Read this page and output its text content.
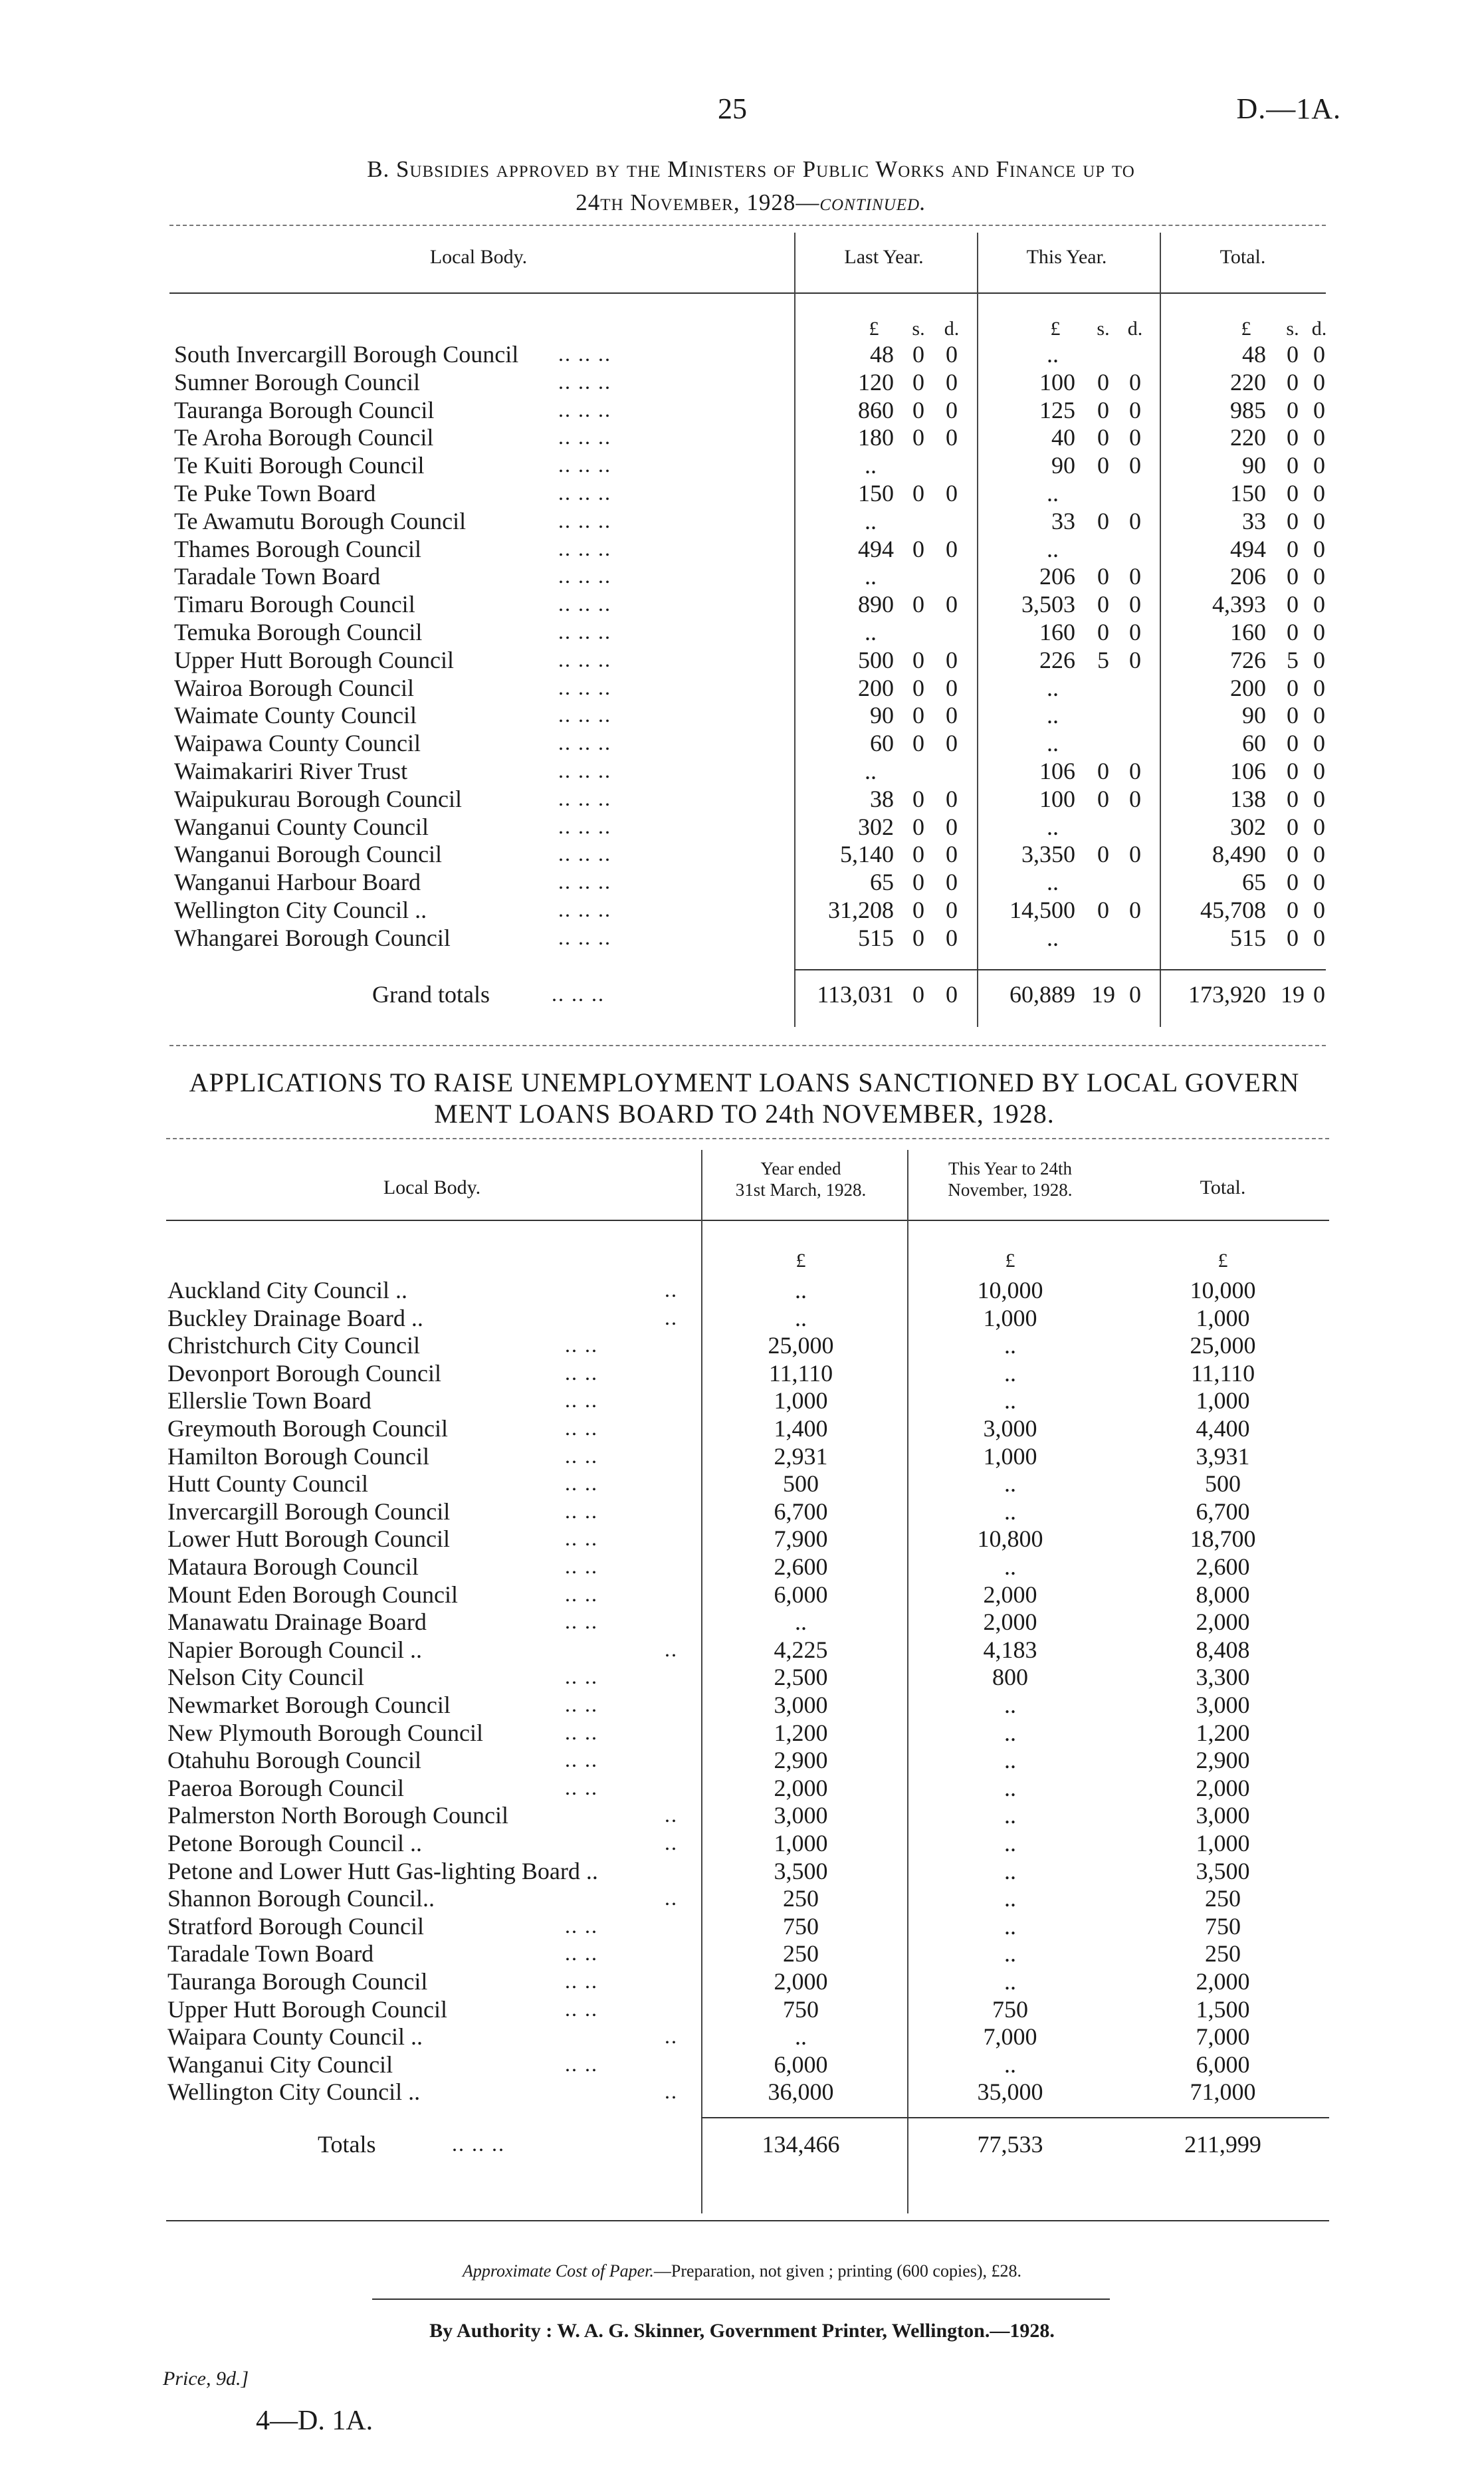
25	D.—1A.
B. Subsidies approved by the Ministers of Public Works and Finance up to
24th November, 1928—continued.
Local Body.	Last Year.	This Year.	Total.
£	s. d.	£	s. d.	£	s. d.
South Invercargill Borough Council .. .. ..	48 0 0	..	48 0 0
Sumner Borough Council	.. .. ..	120 0 0	100 0 0	220 0 0
Tauranga Borough Council	.. .. ..	860 0 0	125 0 0	985 0 0
Te Aroha Borough Council	.. .. ..	180 0 0	40 0 0	220 0 0
Te Kuiti Borough Council	.. .. ..	..	90 0 0	90 0 0
Te Puke Town Board	.. .. ..	150 0 0	..	150 0 0
Te Awamutu Borough Council	.. .. ..	..	33 0 0	33 0 0
Thames Borough Council	.. .. ..	494 0 0	..	494 0 0
Taradale Town Board	.. .. ..	..	206 0 0	206 0 0
Timaru Borough Council	.. .. ..	890 0 0	3,503 0 0	4,393 0 0
Temuka Borough Council	.. .. ..	..	160 0 0	160 0 0
Upper Hutt Borough Council	.. .. ..	500 0 0	226 5 0	726 5 0
Wairoa Borough Council	.. .. ..	200 0 0	..	200 0 0
Waimate County Council	.. .. ..	90 0 0	..	90 0 0
Waipawa County Council	.. .. ..	60 0 0	..	60 0 0
Waimakariri River Trust	.. .. ..	..	106 0 0	106 0 0
Waipukurau Borough Council	.. .. ..	38 0 0	100 0 0	138 0 0
Wanganui County Council	.. .. ..	302 0 0	..	302 0 0
Wanganui Borough Council	.. .. ..	5,140 0 0	3,350 0 0	8,490 0 0
Wanganui Harbour Board	.. .. ..	65 0 0	..	65 0 0
Wellington City Council ..	.. .. ..	31,208 0 0	14,500 0 0	45,708 0 0
Whangarei Borough Council	.. .. ..	515 0 0	..	515 0 0
Grand totals	.. .. ..	113,031 0 0	60,889 19 0	173,920 19 0
APPLICATIONS TO RAISE UNEMPLOYMENT LOANS SANCTIONED BY LOCAL GOVERN
MENT LOANS BOARD TO 24th NOVEMBER, 1928.
Local Body.
Year ended
31st March, 1928.
This Year to 24th
November, 1928.	Total.
£	£	£
Auckland City Council ..	..	..	10,000	10,000
Buckley Drainage Board ..	..	..	1,000	1,000
Christchurch City Council	.. ..	25,000	..	25,000
Devonport Borough Council	.. ..	11,110	..	11,110
Ellerslie Town Board	.. ..	1,000	..	1,000
Greymouth Borough Council	.. ..	1,400	3,000	4,400
Hamilton Borough Council	.. ..	2,931	1,000	3,931
Hutt County Council	.. ..	500	..	500
Invercargill Borough Council	.. ..	6,700	..	6,700
Lower Hutt Borough Council	.. ..	7,900	10,800	18,700
Mataura Borough Council	.. ..	2,600	..	2,600
Mount Eden Borough Council	.. ..	6,000	2,000	8,000
Manawatu Drainage Board	.. ..	..	2,000	2,000
Napier Borough Council ..	..	4,225	4,183	8,408
Nelson City Council	.. ..	2,500	800	3,300
Newmarket Borough Council	.. ..	3,000	..	3,000
New Plymouth Borough Council	.. ..	1,200	..	1,200
Otahuhu Borough Council	.. ..	2,900	..	2,900
Paeroa Borough Council	.. ..	2,000	..	2,000
Palmerston North Borough Council	..	3,000	..	3,000
Petone Borough Council ..	..	1,000	..	1,000
Petone and Lower Hutt Gas-lighting Board ..	3,500	..	3,500
Shannon Borough Council..	..	250	..	250
Stratford Borough Council	.. ..	750	..	750
Taradale Town Board	.. ..	250	..	250
Tauranga Borough Council	.. ..	2,000	..	2,000
Upper Hutt Borough Council	.. ..	750	750	1,500
Waipara County Council ..	..	..	7,000	7,000
Wanganui City Council	.. ..	6,000	..	6,000
Wellington City Council ..	..	36,000	35,000	71,000
Totals	.. .. ..	134,466	77,533	211,999
Approximate Cost of Paper.—Preparation, not given ; printing (600 copies), £28.
By Authority : W. A. G. Skinner, Government Printer, Wellington.—1928.
Price, 9d.]
4—D. 1A.
